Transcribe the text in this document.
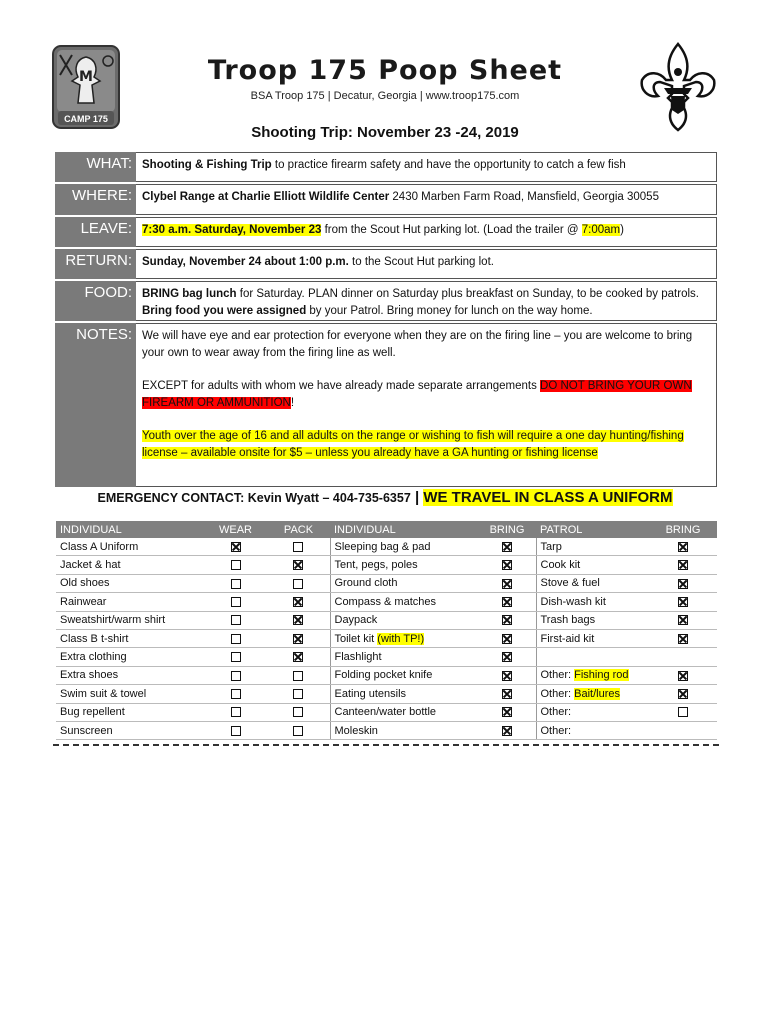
M
CAMP 175
Troop 175 Poop Sheet
BSA Troop 175 | Decatur, Georgia | www.troop175.com
Shooting Trip: November 23 -24, 2019
WHAT: Shooting & Fishing Trip to practice firearm safety and have the opportunity to catch a few fish
WHERE: Clybel Range at Charlie Elliott Wildlife Center 2430 Marben Farm Road, Mansfield, Georgia 30055
LEAVE: 7:30 a.m. Saturday, November 23 from the Scout Hut parking lot. (Load the trailer @ 7:00am)
RETURN: Sunday, November 24 about 1:00 p.m. to the Scout Hut parking lot.
FOOD: BRING bag lunch for Saturday. PLAN dinner on Saturday plus breakfast on Sunday, to be cooked by patrols. Bring food you were assigned by your Patrol. Bring money for lunch on the way home.
NOTES: We will have eye and ear protection for everyone when they are on the firing line – you are welcome to bring your own to wear away from the firing line as well.

EXCEPT for adults with whom we have already made separate arrangements DO NOT BRING YOUR OWN FIREARM OR AMMUNITION!

Youth over the age of 16 and all adults on the range or wishing to fish will require a one day hunting/fishing license – available onsite for $5 – unless you already have a GA hunting or fishing license

EMERGENCY CONTACT: Kevin Wyatt – 404-735-6357 | WE TRAVEL IN CLASS A UNIFORM
INDIVIDUAL	WEAR	PACK	INDIVIDUAL	BRING	PATROL	BRING
Class A Uniform			Sleeping bag & pad		Tarp	
Jacket & hat			Tent, pegs, poles		Cook kit	
Old shoes			Ground cloth		Stove & fuel	
Rainwear			Compass & matches		Dish-wash kit	
Sweatshirt/warm shirt			Daypack		Trash bags	
Class B t-shirt			Toilet kit (with TP!)		First-aid kit	
Extra clothing			Flashlight			
Extra shoes			Folding pocket knife		Other: Fishing rod	
Swim suit & towel			Eating utensils		Other: Bait/lures	
Bug repellent			Canteen/water bottle		Other:	
Sunscreen			Moleskin		Other:	
